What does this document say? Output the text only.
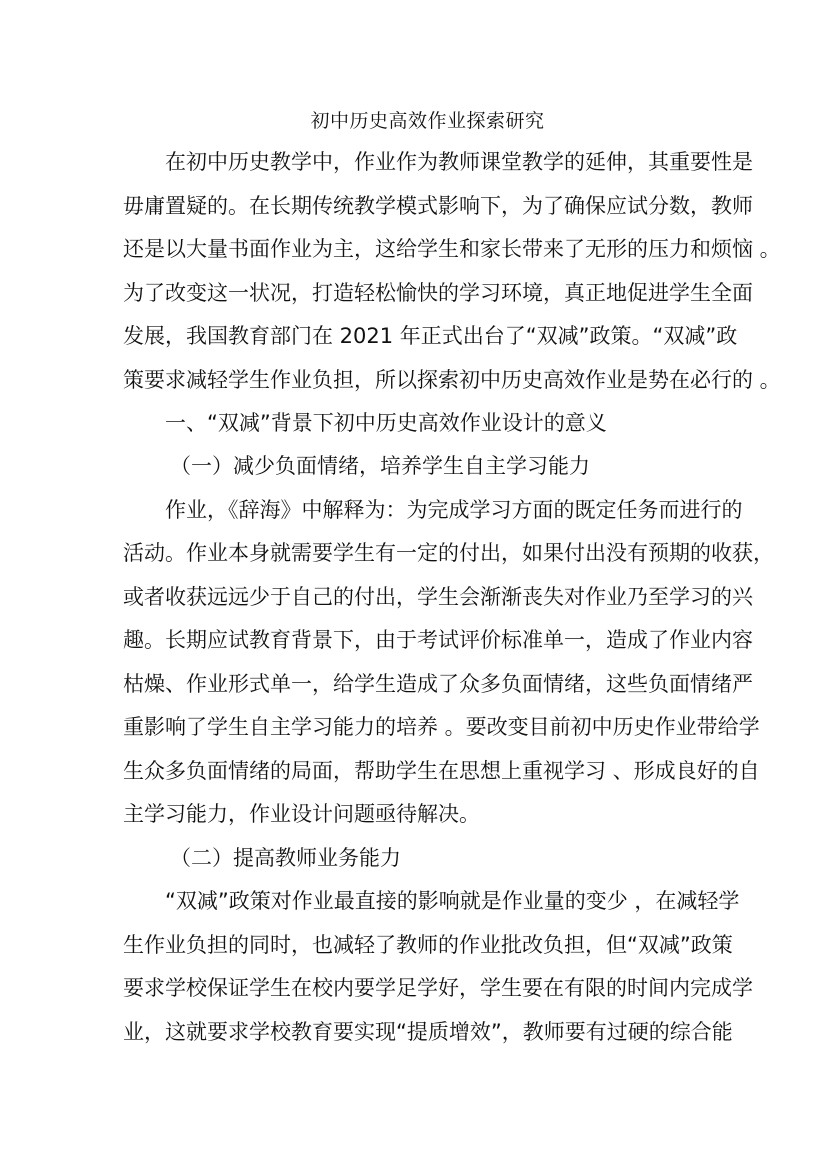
初中历史高效作业探索研究
在初中历史教学中，作业作为教师课堂教学的延伸，其重要性是
毋庸置疑的。在长期传统教学模式影响下，为了确保应试分数，教师
还是以大量书面作业为主，这给学生和家长带来了无形的压力和烦恼 。
为了改变这一状况，打造轻松愉快的学习环境，真正地促进学生全面
发展，我国教育部门在 2021 年正式出台了“双减”政策。“双减”政
策要求减轻学生作业负担，所以探索初中历史高效作业是势在必行的 。
一、“双减”背景下初中历史高效作业设计的意义
（一）减少负面情绪，培养学生自主学习能力
作业，《辞海》中解释为：为完成学习方面的既定任务而进行的
活动。作业本身就需要学生有一定的付出，如果付出没有预期的收获，
或者收获远远少于自己的付出，学生会渐渐丧失对作业乃至学习的兴
趣。长期应试教育背景下，由于考试评价标准单一，造成了作业内容
枯燥、作业形式单一，给学生造成了众多负面情绪，这些负面情绪严
重影响了学生自主学习能力的培养 。要改变目前初中历史作业带给学
生众多负面情绪的局面，帮助学生在思想上重视学习 、形成良好的自
主学习能力，作业设计问题亟待解决。
（二）提高教师业务能力
“双减”政策对作业最直接的影响就是作业量的变少 ，在减轻学
生作业负担的同时，也减轻了教师的作业批改负担，但“双减”政策
要求学校保证学生在校内要学足学好，学生要在有限的时间内完成学
业，这就要求学校教育要实现“提质增效”，教师要有过硬的综合能
